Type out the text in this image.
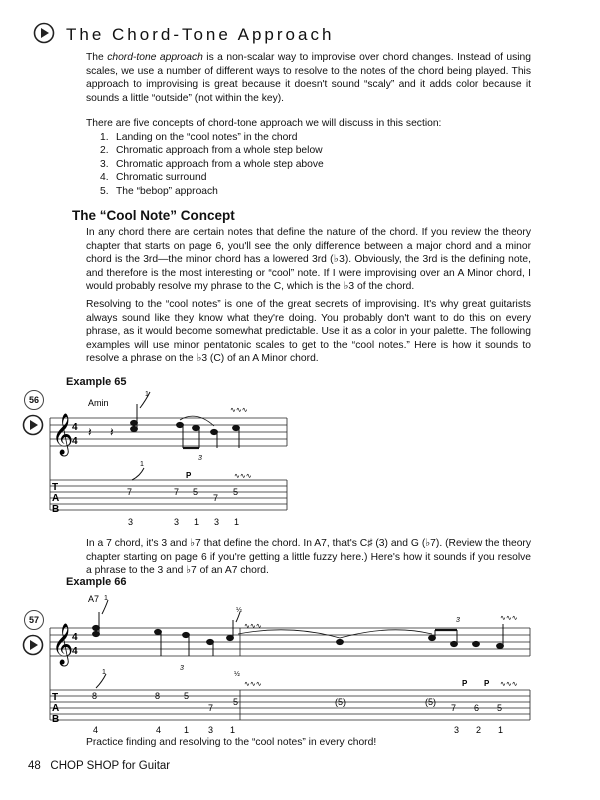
The Chord-Tone Approach

The chord-tone approach is a non-scalar way to improvise over chord changes. Instead of using scales, we use a number of different ways to resolve to the notes of the chord being played. This approach to improvising is great because it doesn't sound “scaly” and it adds color because it sounds a little “outside” (not within the key).

There are five concepts of chord-tone approach we will discuss in this section:
1. Landing on the “cool notes” in the chord
2. Chromatic approach from a whole step below
3. Chromatic approach from a whole step above
4. Chromatic surround
5. The “bebop” approach
The “Cool Note” Concept
In any chord there are certain notes that define the nature of the chord. If you review the theory chapter that starts on page 6, you'll see the only difference between a major chord and a minor chord is the 3rd—the minor chord has a lowered 3rd (♭3). Obviously, the 3rd is the defining note, and therefore is the most interesting or “cool” note. If I were improvising over an A Minor chord, I would probably resolve my phrase to the C, which is the ♭3 of the chord.
Resolving to the “cool notes” is one of the great secrets of improvising. It's why great guitarists always sound like they know what they're doing. You probably don't want to do this on every phrase, as it would become somewhat predictable. Use it as a color in your palette. The following examples will use minor pentatonic scales to get to the “cool notes.” Here is how it sounds to resolve a phrase on the ♭3 (C) of an A Minor chord.
Example 65
56
𝄞
4
4
Amin
𝄽 𝄽
1
3
∿∿∿
T
A
B
1
P	∿∿∿
7	7 5
7
5
3	3 1 3 1
In a 7 chord, it's 3 and ♭7 that define the chord. In A7, that's C♯ (3) and G (♭7). (Review the theory chapter starting on page 6 if you're getting a little fuzzy here.) Here's how it sounds if you resolve a phrase to the 3 and ♭7 of an A7 chord.
Example 66
57
𝄞
4
4
A7 1
½
∿∿∿
3
3	∿∿∿
T
A
B
1	½
∿∿∿	P P ∿∿∿
8	8	5
7
5	(5)	(5)
7 6 5
4	4	1 3 1	3 2 1
Practice finding and resolving to the “cool notes” in every chord!
48 CHOP SHOP for Guitar
